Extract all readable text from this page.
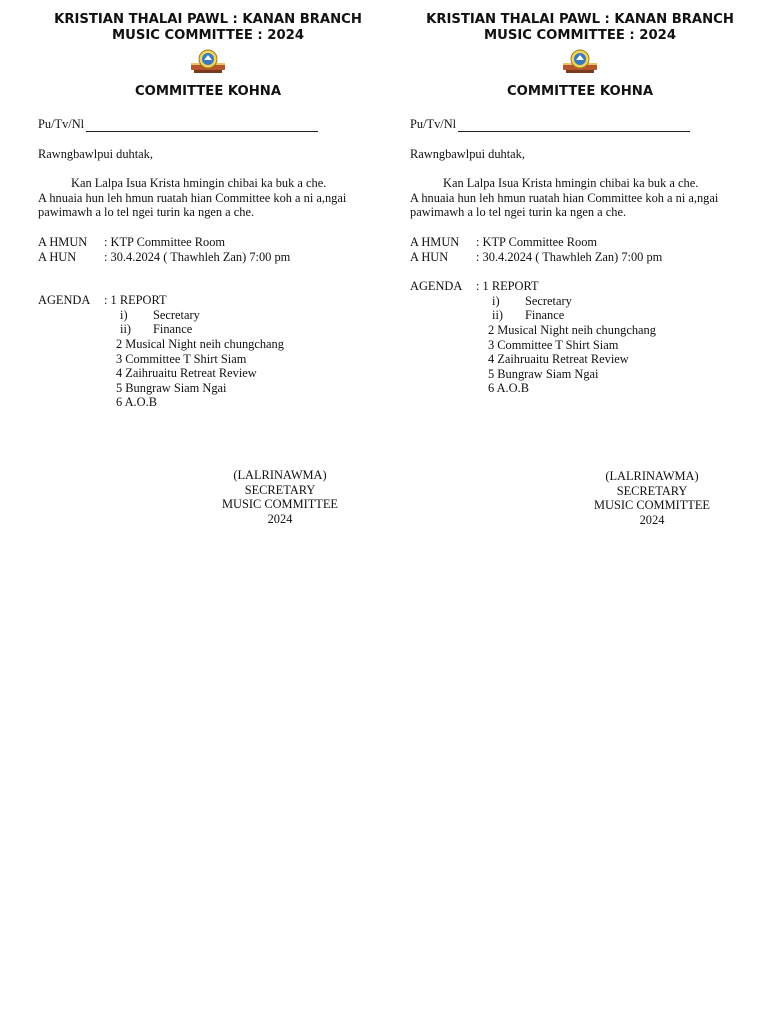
KRISTIAN THALAI PAWL : KANAN BRANCH
MUSIC COMMITTEE : 2024
COMMITTEE KOHNA
Pu/Tv/Nl
Rawngbawlpui duhtak,
Kan Lalpa Isua Krista hmingin chibai ka buk a che.
A hnuaia hun leh hmun ruatah hian Committee koh a ni a,ngai
pawimawh a lo tel ngei turin ka ngen a che.
A HMUN	: KTP Committee Room
A HUN	: 30.4.2024 ( Thawhleh Zan) 7:00 pm
AGENDA	: 1 REPORT
i)	Secretary
ii)	Finance
2 Musical Night neih chungchang
3 Committee T Shirt Siam
4 Zaihruaitu Retreat Review
5 Bungraw Siam Ngai
6 A.O.B
(LALRINAWMA)
SECRETARY
MUSIC COMMITTEE
2024
KRISTIAN THALAI PAWL : KANAN BRANCH
MUSIC COMMITTEE : 2024
COMMITTEE KOHNA
Pu/Tv/Nl
Rawngbawlpui duhtak,
Kan Lalpa Isua Krista hmingin chibai ka buk a che.
A hnuaia hun leh hmun ruatah hian Committee koh a ni a,ngai
pawimawh a lo tel ngei turin ka ngen a che.
A HMUN	: KTP Committee Room
A HUN	: 30.4.2024 ( Thawhleh Zan) 7:00 pm
AGENDA	: 1 REPORT
i)	Secretary
ii)	Finance
2 Musical Night neih chungchang
3 Committee T Shirt Siam
4 Zaihruaitu Retreat Review
5 Bungraw Siam Ngai
6 A.O.B
(LALRINAWMA)
SECRETARY
MUSIC COMMITTEE
2024
